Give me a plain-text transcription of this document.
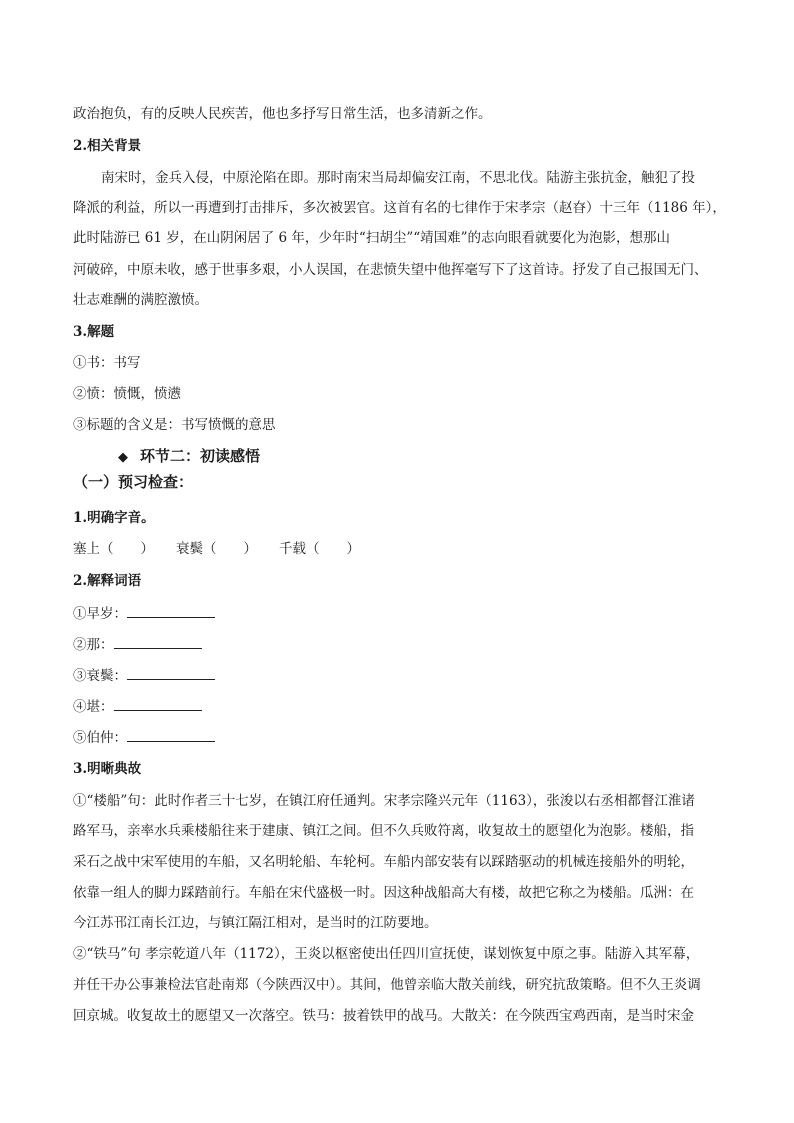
政治抱负，有的反映人民疾苦，他也多抒写日常生活，也多清新之作。
2.相关背景
南宋时，金兵入侵，中原沦陷在即。那时南宋当局却偏安江南，不思北伐。陆游主张抗金，触犯了投
降派的利益，所以一再遭到打击排斥，多次被罢官。这首有名的七律作于宋孝宗（赵昚）十三年（1186 年），
此时陆游已 61 岁，在山阴闲居了 6 年，少年时“扫胡尘”“靖国难”的志向眼看就要化为泡影，想那山
河破碎，中原未收，感于世事多艰，小人误国，在悲愤失望中他挥毫写下了这首诗。抒发了自己报国无门、
壮志难酬的满腔激愤。
3.解题
①书：书写
②愤：愤慨，愤懑
③标题的含义是：书写愤慨的意思
◆ 环节二：初读感悟
（一）预习检查：
1.明确字音。
塞上（　　） 衰鬓（　　） 千载（　　）
2.解释词语
①早岁：
②那：
③衰鬓：
④堪：
⑤伯仲：
3.明晰典故
①“楼船”句：此时作者三十七岁，在镇江府任通判。宋孝宗隆兴元年（1163），张浚以右丞相都督江淮诸
路军马，亲率水兵乘楼船往来于建康、镇江之间。但不久兵败符离，收复故土的愿望化为泡影。楼船，指
采石之战中宋军使用的车船，又名明轮船、车轮柯。车船内部安装有以踩踏驱动的机械连接船外的明轮，
依靠一组人的脚力踩踏前行。车船在宋代盛极一时。因这种战船高大有楼，故把它称之为楼船。瓜洲：在
今江苏邗江南长江边，与镇江隔江相对，是当时的江防要地。
②“铁马”句 孝宗乾道八年（1172），王炎以枢密使出任四川宣抚使，谋划恢复中原之事。陆游入其军幕，
并任干办公事兼检法官赴南郑（今陕西汉中）。其间，他曾亲临大散关前线，研究抗敌策略。但不久王炎调
回京城。收复故土的愿望又一次落空。铁马：披着铁甲的战马。大散关：在今陕西宝鸡西南，是当时宋金
